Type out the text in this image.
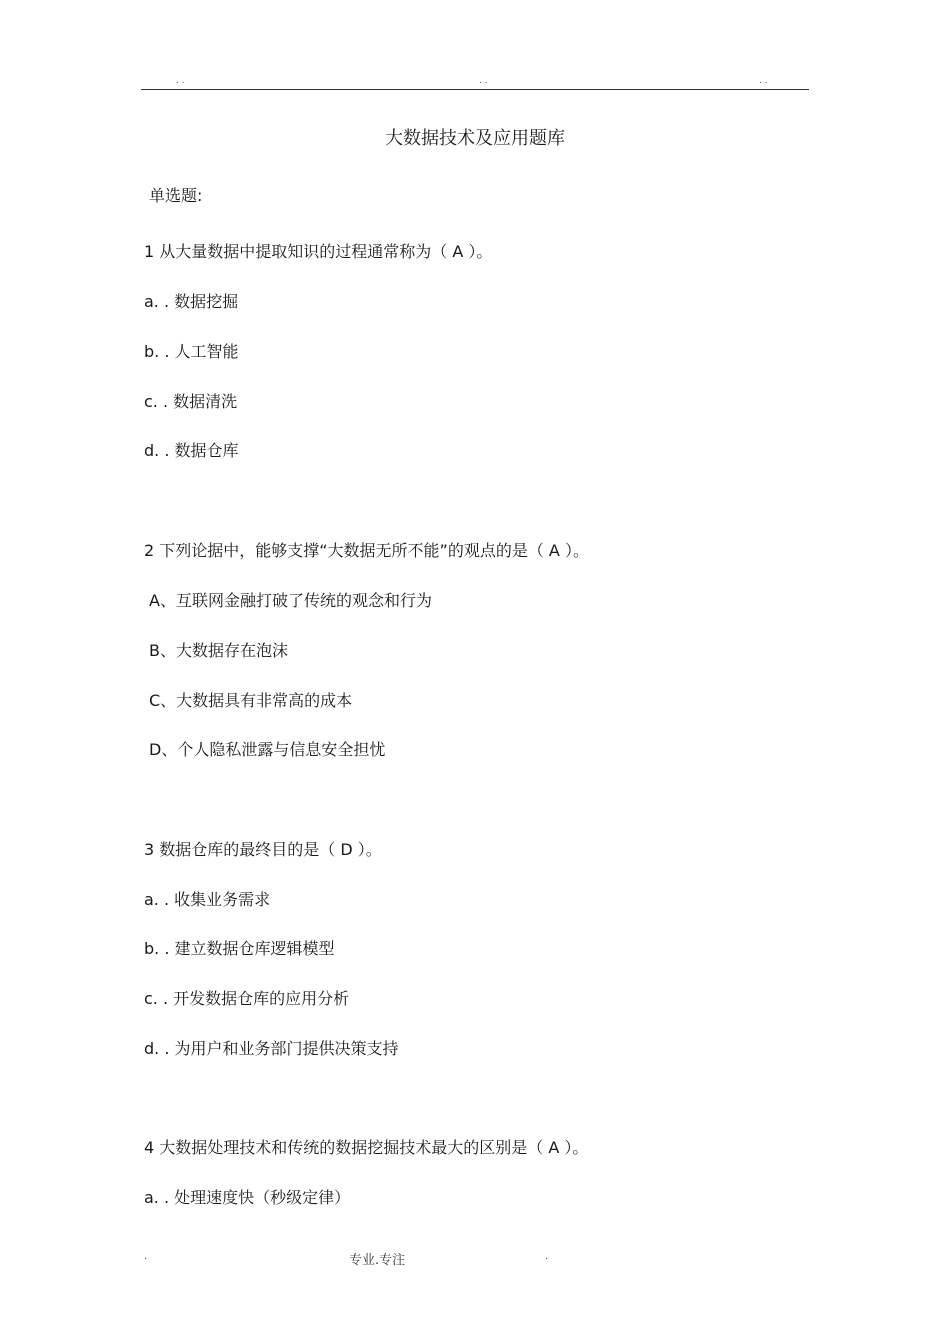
. .	. .	. .
大数据技术及应用题库
单选题:
1 从大量数据中提取知识的过程通常称为（ A ）。
a. . 数据挖掘
b. . 人工智能
c. . 数据清洗
d. . 数据仓库
2 下列论据中，能够支撑“大数据无所不能”的观点的是（ A ）。
A、互联网金融打破了传统的观念和行为
B、大数据存在泡沫
C、大数据具有非常高的成本
D、个人隐私泄露与信息安全担忧
3 数据仓库的最终目的是（ D ）。
a. . 收集业务需求
b. . 建立数据仓库逻辑模型
c. . 开发数据仓库的应用分析
d. . 为用户和业务部门提供决策支持
4 大数据处理技术和传统的数据挖掘技术最大的区别是（ A ）。
a. . 处理速度快（秒级定律）
.	专业.专注	.
